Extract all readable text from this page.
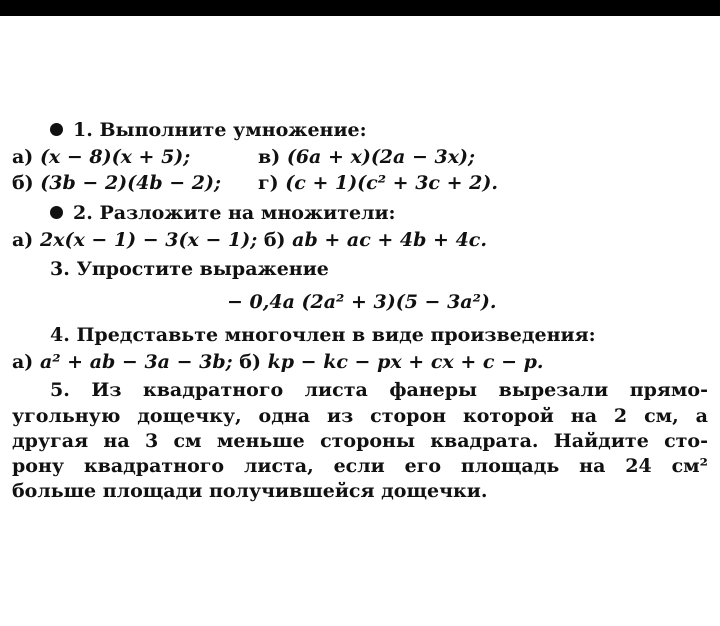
1. Выполните умножение:
а) (x − 8)(x + 5);	в) (6a + x)(2a − 3x);
б) (3b − 2)(4b − 2); г) (c + 1)(c² + 3c + 2).
2. Разложите на множители:
а) 2x(x − 1) − 3(x − 1); б) ab + ac + 4b + 4c.
3. Упростите выражение
− 0,4a (2a² + 3)(5 − 3a²).
4. Представьте многочлен в виде произведения:
а) a² + ab − 3a − 3b; б) kp − kc − px + cx + c − p.
5. Из квадратного листа фанеры вырезали прямо-
угольную дощечку, одна из сторон которой на 2 см, а
другая на 3 см меньше стороны квадрата. Найдите сто-
рону квадратного листа, если его площадь на 24 см²
больше площади получившейся дощечки.
